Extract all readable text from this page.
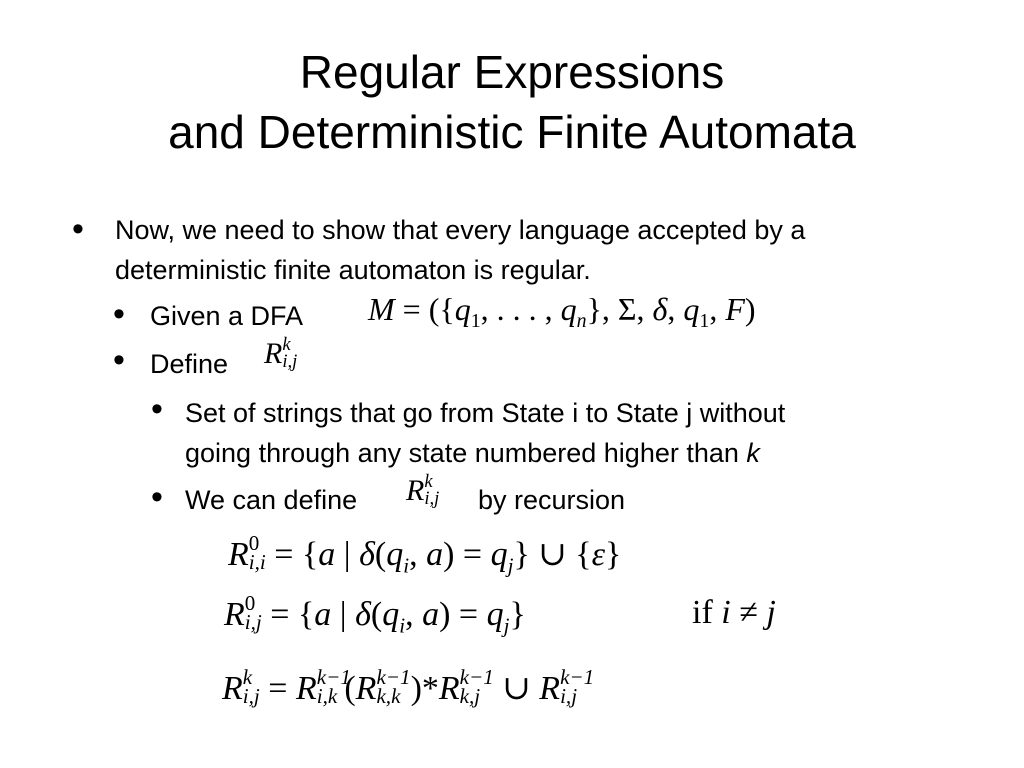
Regular Expressions
and Deterministic Finite Automata
• Now, we need to show that every language accepted by a
deterministic finite automaton is regular.
• Given a DFA $M = (\{q_1$, . . . , $q_n$}, Σ, δ, $q_1$, F)
• Define R k
i,j
• Set of strings that go from State i to State j without
going through any state numbered higher than k
• We can define R k
i,j by recursion
R 0
i,i = {a | $\delta(q_i$, $a) = q_j$} ∪ {ε}
R 0
i,j = {a | $\delta(q_i$, $a) = q_j$}	if i ≠ j
R k
i,j = R k−1
i,k (R k−1
k,k )*R k−1
k,j ∪ R k−1
i,j
